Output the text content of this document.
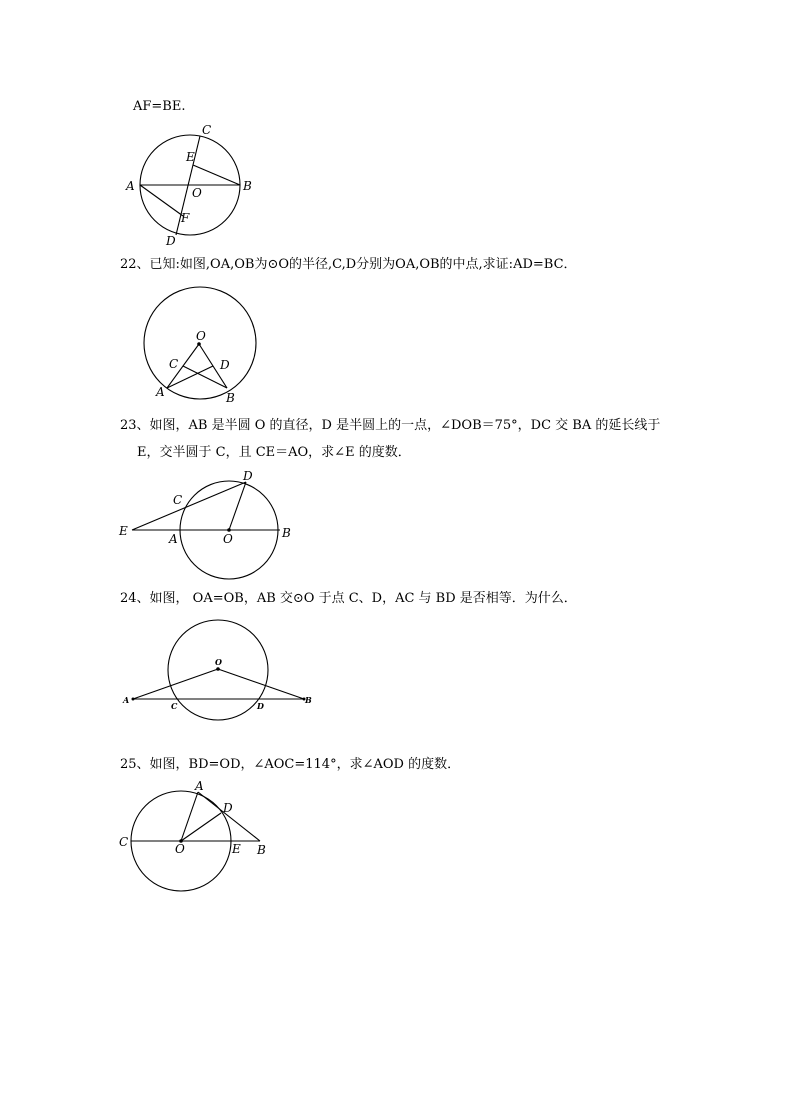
AF=BE.
A	B
C
D
E
F
O
22、已知:如图,OA,OB为⊙O的半径,C,D分别为OA,OB的中点,求证:AD=BC．
O
C	D
A	B
23、如图，AB 是半圆 O 的直径，D 是半圆上的一点，∠DOB＝75°，DC 交 BA 的延长线于
E，交半圆于 C，且 CE＝AO，求∠E 的度数．
D
C
E
A	O	B
24、如图， OA=OB，AB 交⊙O 于点 C、D，AC 与 BD 是否相等．为什么．
O
A
C	D
B
25、如图，BD=OD，∠AOC=114°，求∠AOD 的度数．
A
D
C	O	E B
